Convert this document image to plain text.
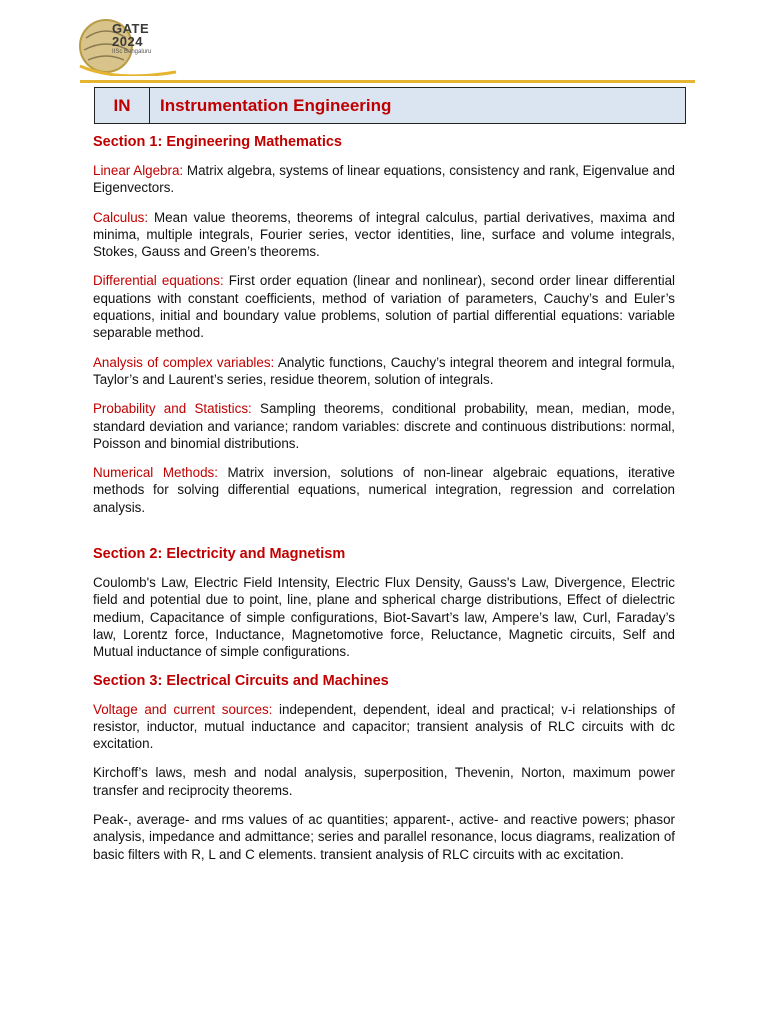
GATE
2024
IISc Bengaluru
IN	Instrumentation Engineering
Section 1: Engineering Mathematics

Linear Algebra: Matrix algebra, systems of linear equations, consistency and rank, Eigenvalue and Eigenvectors.

Calculus: Mean value theorems, theorems of integral calculus, partial derivatives, maxima and minima, multiple integrals, Fourier series, vector identities, line, surface and volume integrals, Stokes, Gauss and Green’s theorems.

Differential equations: First order equation (linear and nonlinear), second order linear differential equations with constant coefficients, method of variation of parameters, Cauchy’s and Euler’s equations, initial and boundary value problems, solution of partial differential equations: variable separable method.

Analysis of complex variables: Analytic functions, Cauchy’s integral theorem and integral formula, Taylor’s and Laurent’s series, residue theorem, solution of integrals.

Probability and Statistics: Sampling theorems, conditional probability, mean, median, mode, standard deviation and variance; random variables: discrete and continuous distributions: normal, Poisson and binomial distributions.

Numerical Methods: Matrix inversion, solutions of non-linear algebraic equations, iterative methods for solving differential equations, numerical integration, regression and correlation analysis.

Section 2: Electricity and Magnetism

Coulomb's Law, Electric Field Intensity, Electric Flux Density, Gauss's Law, Divergence, Electric field and potential due to point, line, plane and spherical charge distributions, Effect of dielectric medium, Capacitance of simple configurations, Biot-Savart’s law, Ampere’s law, Curl, Faraday’s law, Lorentz force, Inductance, Magnetomotive force, Reluctance, Magnetic circuits, Self and Mutual inductance of simple configurations.

Section 3: Electrical Circuits and Machines

Voltage and current sources: independent, dependent, ideal and practical; v-i relationships of resistor, inductor, mutual inductance and capacitor; transient analysis of RLC circuits with dc excitation.

Kirchoff’s laws, mesh and nodal analysis, superposition, Thevenin, Norton, maximum power transfer and reciprocity theorems.

Peak-, average- and rms values of ac quantities; apparent-, active- and reactive powers; phasor analysis, impedance and admittance; series and parallel resonance, locus diagrams, realization of basic filters with R, L and C elements. transient analysis of RLC circuits with ac excitation.
